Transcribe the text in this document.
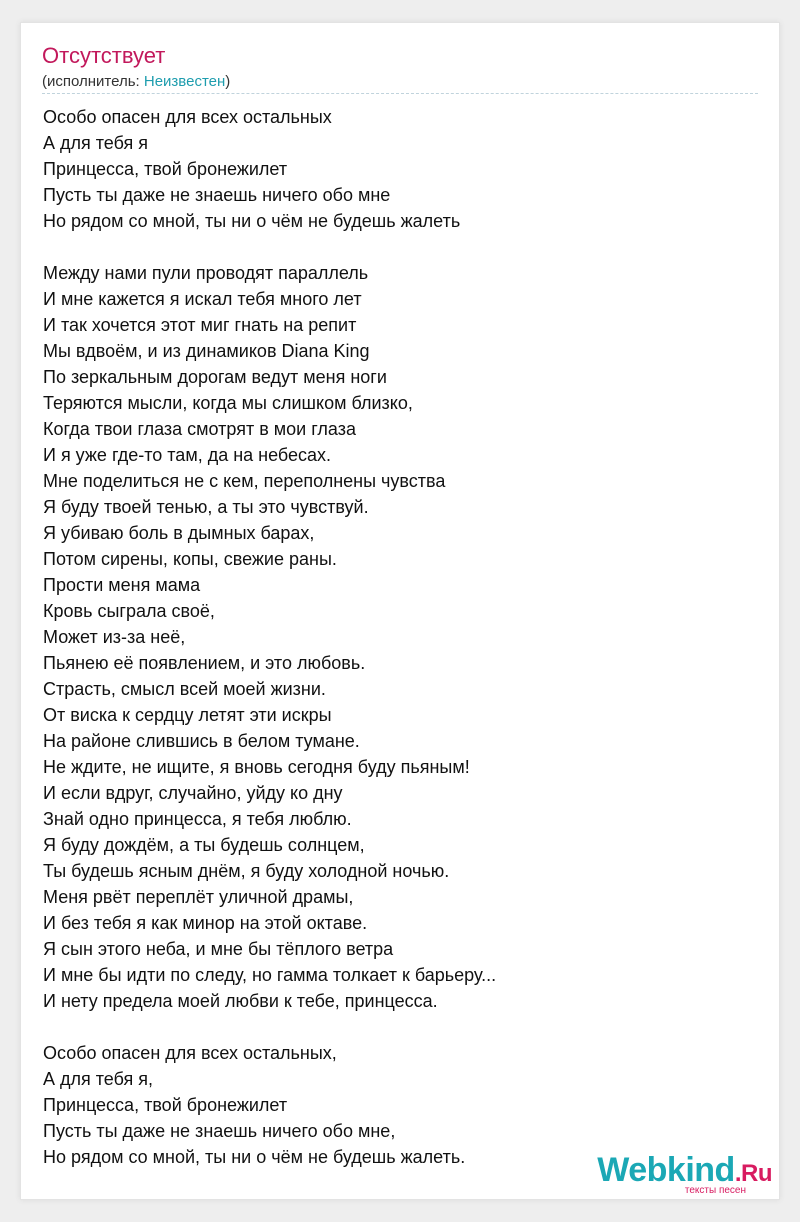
Отсутствует
(исполнитель: Неизвестен)
Особо опасен для всех остальных
А для тебя я
Принцесса, твой бронежилет
Пусть ты даже не знаешь ничего обо мне
Но рядом со мной, ты ни о чём не будешь жалеть
Между нами пули проводят параллель
И мне кажется я искал тебя много лет
И так хочется этот миг гнать на репит
Мы вдвоём, и из динамиков Diana King
По зеркальным дорогам ведут меня ноги
Теряются мысли, когда мы слишком близко,
Когда твои глаза смотрят в мои глаза
И я уже где-то там, да на небесах.
Мне поделиться не с кем, переполнены чувства
Я буду твоей тенью, а ты это чувствуй.
Я убиваю боль в дымных барах,
Потом сирены, копы, свежие раны.
Прости меня мама
Кровь сыграла своё,
Может из-за неё,
Пьянею её появлением, и это любовь.
Страсть, смысл всей моей жизни.
От виска к сердцу летят эти искры
На районе слившись в белом тумане.
Не ждите, не ищите, я вновь сегодня буду пьяным!
И если вдруг, случайно, уйду ко дну
Знай одно принцесса, я тебя люблю.
Я буду дождём, а ты будешь солнцем,
Ты будешь ясным днём, я буду холодной ночью.
Меня рвёт переплёт уличной драмы,
И без тебя я как минор на этой октаве.
Я сын этого неба, и мне бы тёплого ветра
И мне бы идти по следу, но гамма толкает к барьеру...
И нету предела моей любви к тебе, принцесса.
Особо опасен для всех остальных,
А для тебя я,
Принцесса, твой бронежилет
Пусть ты даже не знаешь ничего обо мне,
Но рядом со мной, ты ни о чём не будешь жалеть.	Webkind.Ru
тексты песен
